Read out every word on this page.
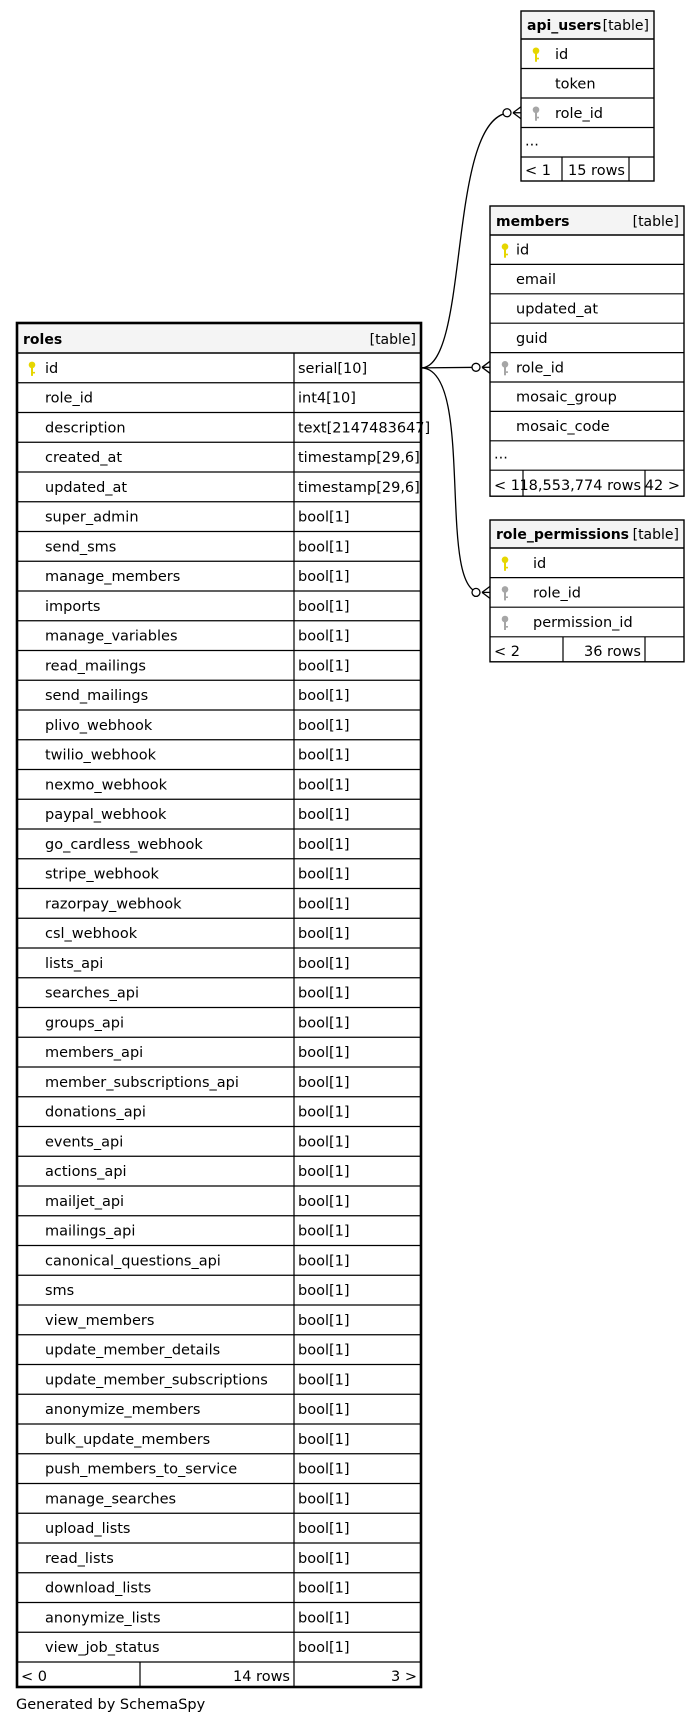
api_users [table]
id
token
role_id
...
< 1 15 rows
members	[table]
id
email
updated_at
guid
role_id
mosaic_group
mosaic_code
...
< 1 18,553,774 rows 42 >
role_permissions [table]
id
role_id
permission_id
< 2	36 rows
roles	[table]
id	serial[10]
role_id	int4[10]
description	text[2147483647]
created_at	timestamp[29,6]
updated_at	timestamp[29,6]
super_admin	bool[1]
send_sms	bool[1]
manage_members	bool[1]
imports	bool[1]
manage_variables	bool[1]
read_mailings	bool[1]
send_mailings	bool[1]
plivo_webhook	bool[1]
twilio_webhook	bool[1]
nexmo_webhook	bool[1]
paypal_webhook	bool[1]
go_cardless_webhook	bool[1]
stripe_webhook	bool[1]
razorpay_webhook	bool[1]
csl_webhook	bool[1]
lists_api	bool[1]
searches_api	bool[1]
groups_api	bool[1]
members_api	bool[1]
member_subscriptions_api	bool[1]
donations_api	bool[1]
events_api	bool[1]
actions_api	bool[1]
mailjet_api	bool[1]
mailings_api	bool[1]
canonical_questions_api	bool[1]
sms	bool[1]
view_members	bool[1]
update_member_details	bool[1]
update_member_subscriptions bool[1]
anonymize_members	bool[1]
bulk_update_members	bool[1]
push_members_to_service	bool[1]
manage_searches	bool[1]
upload_lists	bool[1]
read_lists	bool[1]
download_lists	bool[1]
anonymize_lists	bool[1]
view_job_status	bool[1]
< 0	14 rows	3 >
Generated by SchemaSpy
